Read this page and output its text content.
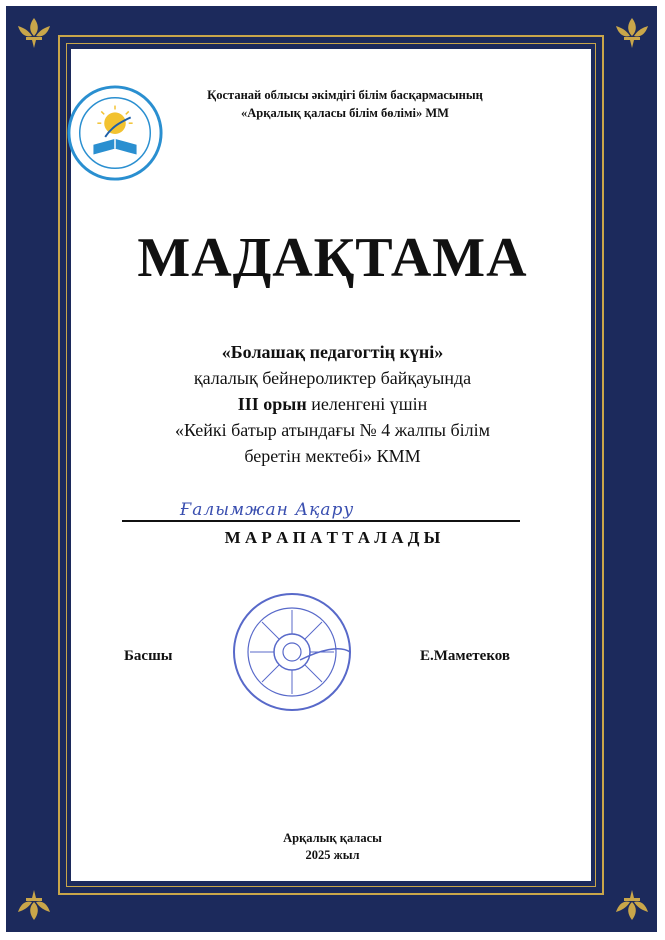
Қостанай облысы әкімдігі білім басқармасының
«Арқалық қаласы білім бөлімі» ММ
МАДАҚТАМА
«Болашақ педагогтің күні»
қалалық бейнероликтер байқауында
ІІІ орын иеленгені үшін
«Кейкі батыр атындағы № 4 жалпы білім
беретін мектебі» КММ
Ғалымжан Ақару
М А Р А П А Т Т А Л А Д Ы
Басшы	Е.Маметеков
Арқалық қаласы
2025 жыл
